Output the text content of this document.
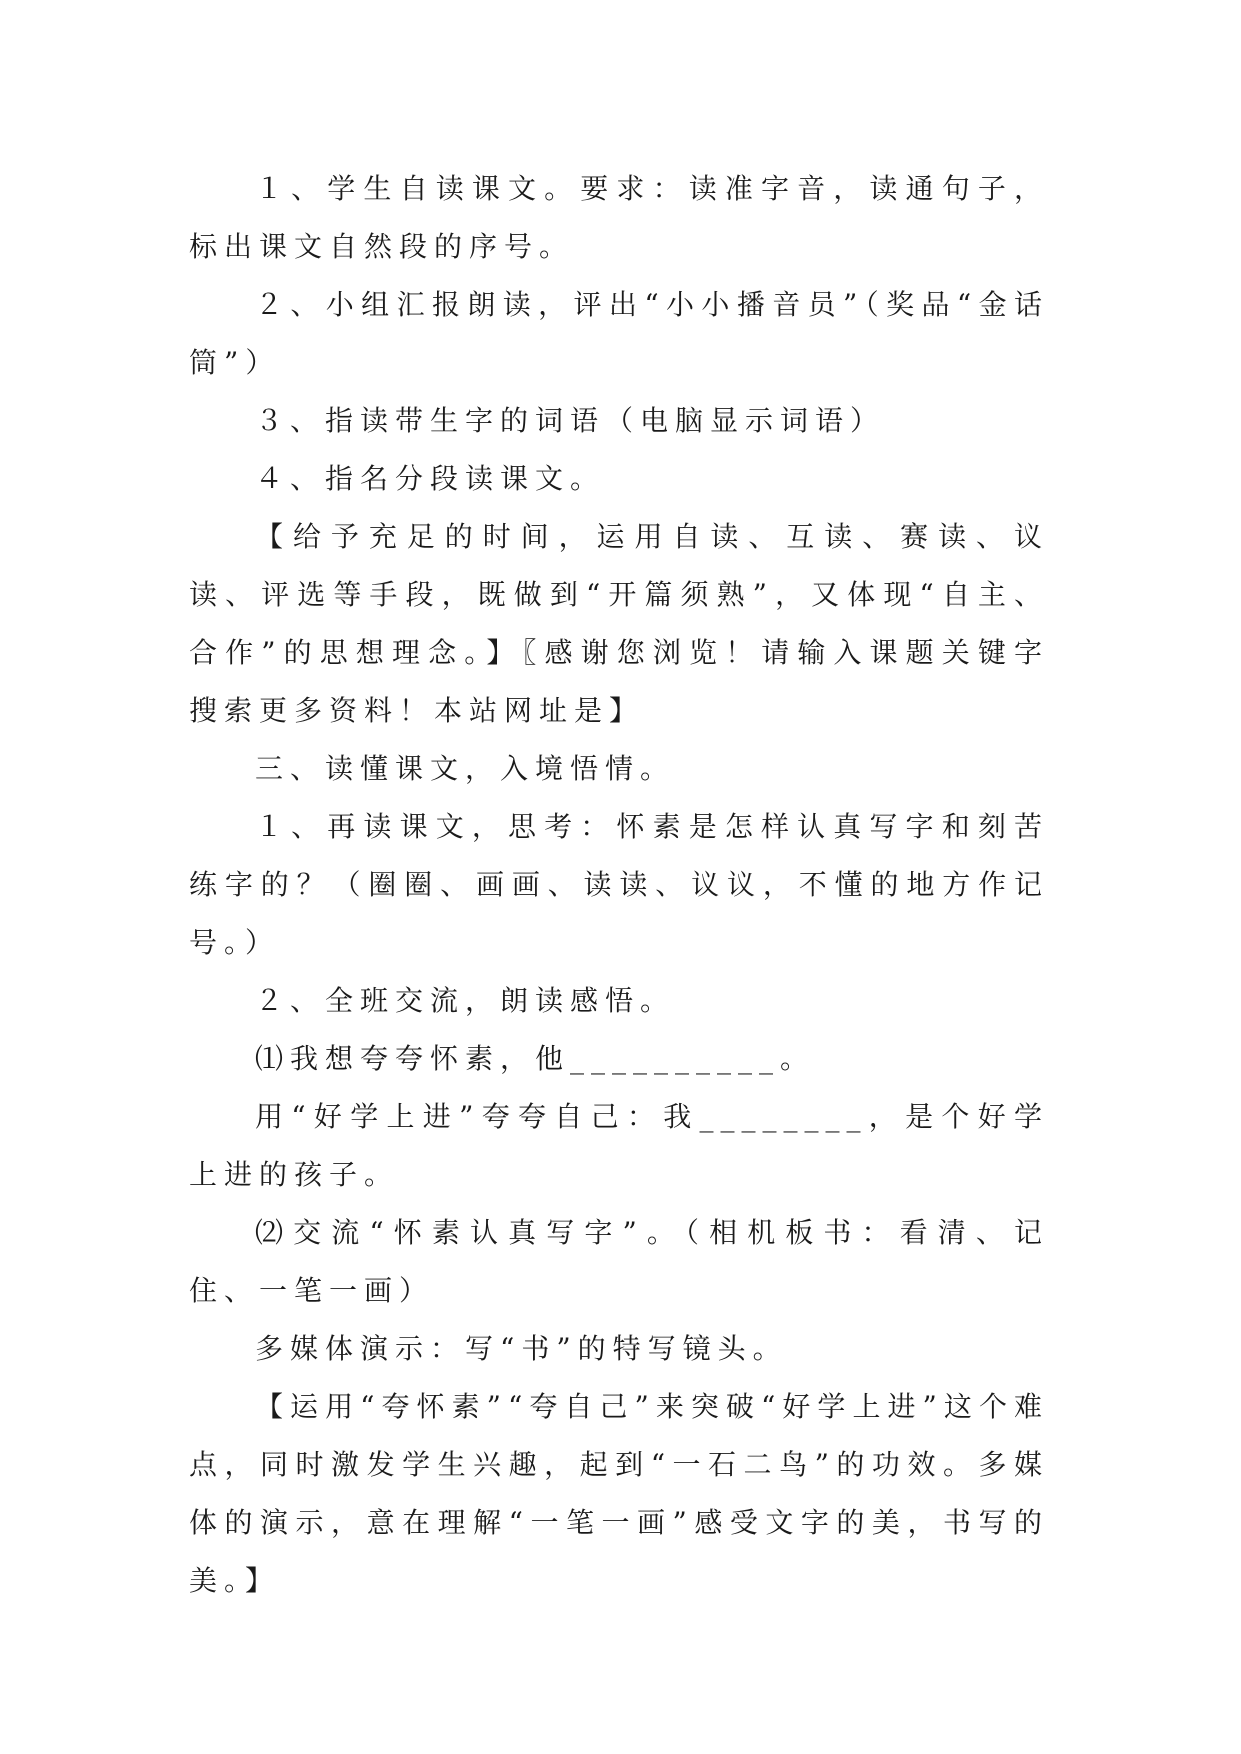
１、学生自读课文。要求：读准字音，读通句子，标出课文自然段的序号。

２、小组汇报朗读，评出“小小播音员”（奖品“金话筒”）

３、指读带生字的词语（电脑显示词语）

４、指名分段读课文。

【给予充足的时间，运用自读、互读、赛读、议读、评选等手段，既做到“开篇须熟”，又体现“自主、合作”的思想理念。】〖感谢您浏览！请输入课题关键字搜索更多资料！本站网址是】

三、读懂课文，入境悟情。

１、再读课文，思考：怀素是怎样认真写字和刻苦练字的？（圈圈、画画、读读、议议，不懂的地方作记号。）

２、全班交流，朗读感悟。

⑴我想夸夸怀素，他__________。

用“好学上进”夸夸自己：我________，是个好学上进的孩子。

⑵交流“怀素认真写字”。（相机板书：看清、记住、一笔一画）

多媒体演示：写“书”的特写镜头。

【运用“夸怀素”“夸自己”来突破“好学上进”这个难点，同时激发学生兴趣，起到“一石二鸟”的功效。多媒体的演示，意在理解“一笔一画”感受文字的美，书写的美。】
